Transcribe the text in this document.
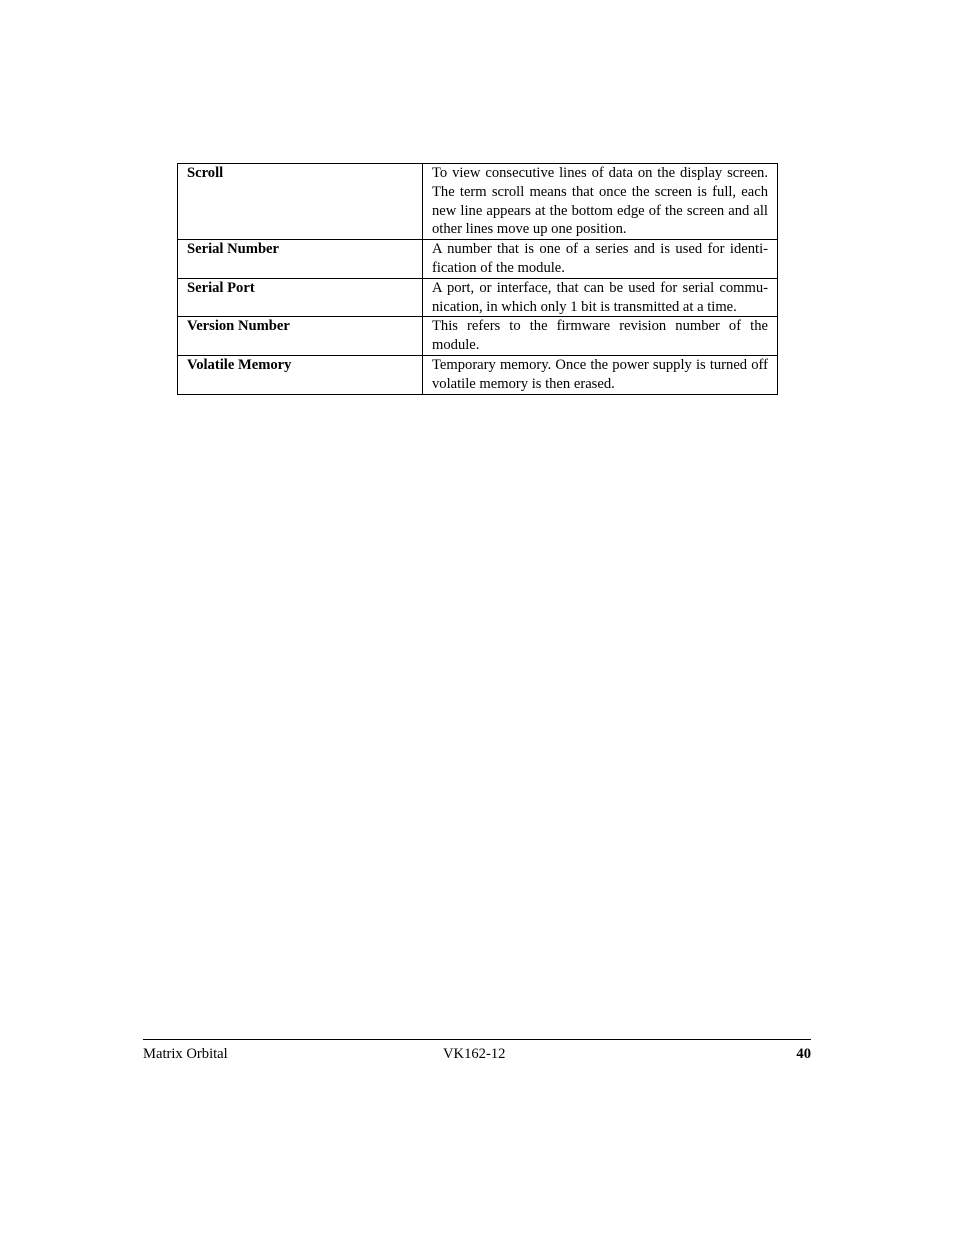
Scroll	To view consecutive lines of data on the display screen. The term scroll means that once the screen is full, each new line appears at the bottom edge of the screen and all other lines move up one position.
Serial Number	A number that is one of a series and is used for identi-fication of the module.
Serial Port	A port, or interface, that can be used for serial commu-nication, in which only 1 bit is transmitted at a time.
Version Number	This refers to the firmware revision number of the module.
Volatile Memory	Temporary memory. Once the power supply is turned off volatile memory is then erased.
Matrix Orbital	VK162-12	40
